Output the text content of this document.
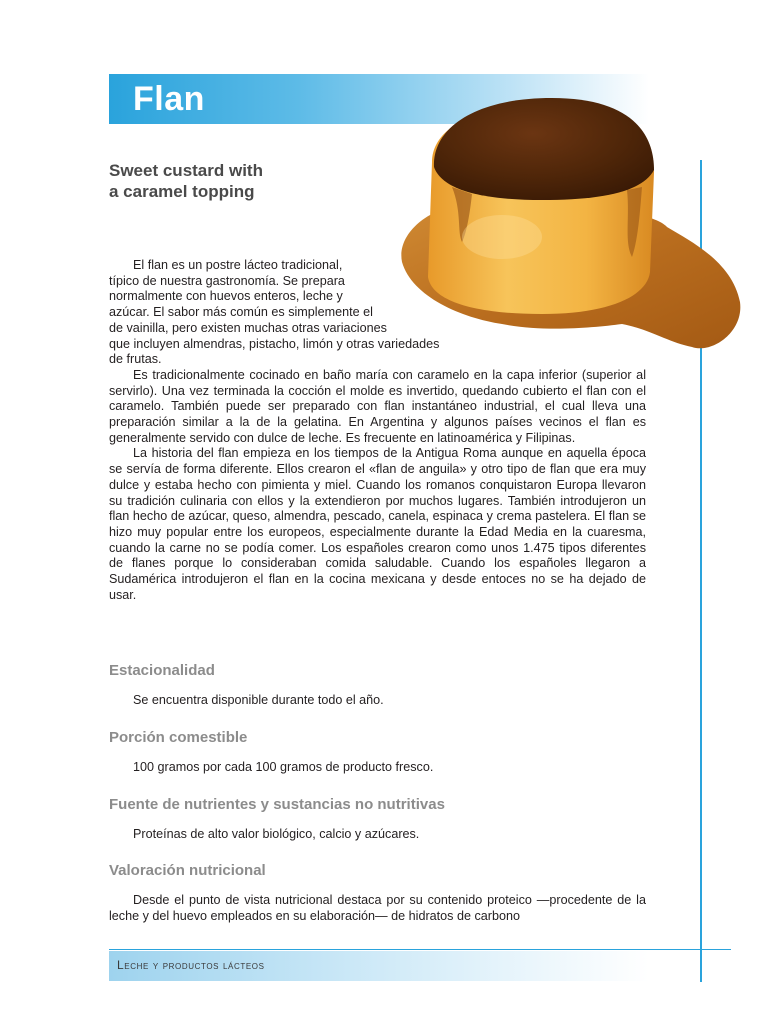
Flan
Sweet custard with
a caramel topping

El flan es un postre lácteo tradicional,
típico de nuestra gastronomía. Se prepara
normalmente con huevos enteros, leche y
azúcar. El sabor más común es simplemente el
de vainilla, pero existen muchas otras variaciones
que incluyen almendras, pistacho, limón y otras variedades
de frutas.

Es tradicionalmente cocinado en baño maría con caramelo en la capa inferior (superior al servirlo). Una vez terminada la cocción el molde es invertido, quedando cubierto el flan con el caramelo. También puede ser preparado con flan instantáneo industrial, el cual lleva una preparación similar a la de la gelatina. En Argentina y algunos países vecinos el flan es generalmente servido con dulce de leche. Es frecuente en latinoamérica y Filipinas.

La historia del flan empieza en los tiempos de la Antigua Roma aunque en aquella época se servía de forma diferente. Ellos crearon el «flan de anguila» y otro tipo de flan que era muy dulce y estaba hecho con pimienta y miel. Cuando los romanos conquistaron Europa llevaron su tradición culinaria con ellos y la extendieron por muchos lugares. También introdujeron un flan hecho de azúcar, queso, almendra, pescado, canela, espinaca y crema pastelera. El flan se hizo muy popular entre los europeos, especialmente durante la Edad Media en la cuaresma, cuando la carne no se podía comer. Los españoles crearon como unos 1.475 tipos diferentes de flanes porque lo consideraban comida saludable. Cuando los españoles llegaron a Sudamérica introdujeron el flan en la cocina mexicana y desde entoces no se ha dejado de usar.

Estacionalidad

Se encuentra disponible durante todo el año.

Porción comestible

100 gramos por cada 100 gramos de producto fresco.

Fuente de nutrientes y sustancias no nutritivas

Proteínas de alto valor biológico, calcio y azúcares.

Valoración nutricional

Desde el punto de vista nutricional destaca por su contenido proteico —procedente de la leche y del huevo empleados en su elaboración— de hidratos de carbono

Leche y productos lácteos
